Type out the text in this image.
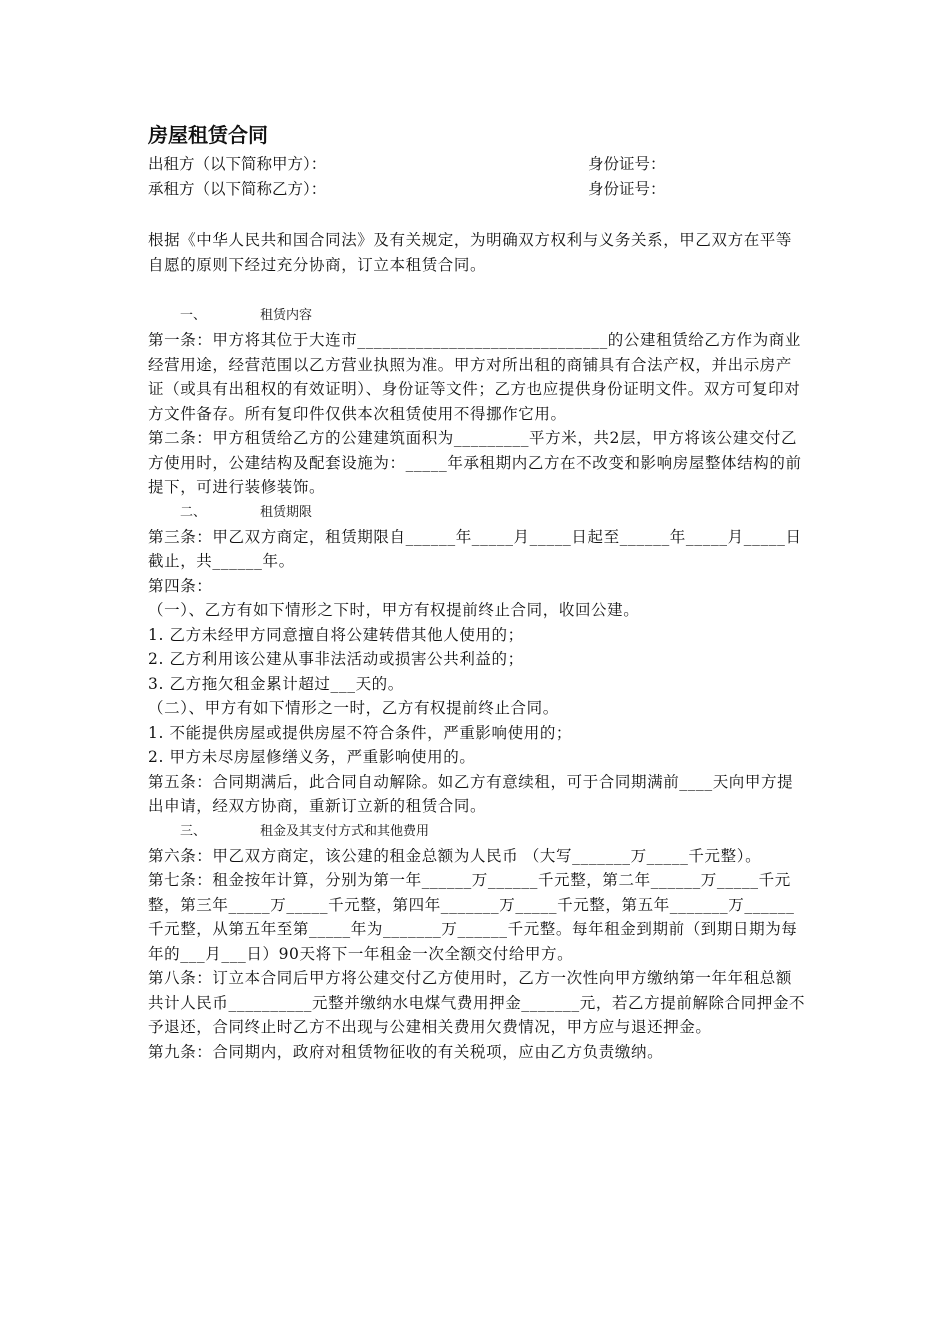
房屋租赁合同
出租方（以下简称甲方）：	身份证号：
承租方（以下简称乙方）：	身份证号：

根据《中华人民共和国合同法》及有关规定，为明确双方权利与义务关系，甲乙双方在平等自愿的原则下经过充分协商，订立本租赁合同。

一、	租赁内容

第一条：甲方将其位于大连市______________________________的公建租赁给乙方作为商业经营用途，经营范围以乙方营业执照为准。甲方对所出租的商铺具有合法产权，并出示房产证（或具有出租权的有效证明）、身份证等文件；乙方也应提供身份证明文件。双方可复印对方文件备存。所有复印件仅供本次租赁使用不得挪作它用。

第二条：甲方租赁给乙方的公建建筑面积为_________平方米，共2层，甲方将该公建交付乙方使用时，公建结构及配套设施为：_____年承租期内乙方在不改变和影响房屋整体结构的前提下，可进行装修装饰。

二、	租赁期限

第三条：甲乙双方商定，租赁期限自______年_____月_____日起至______年_____月_____日截止，共______年。

第四条：

（一）、乙方有如下情形之下时，甲方有权提前终止合同，收回公建。

1. 乙方未经甲方同意擅自将公建转借其他人使用的；

2. 乙方利用该公建从事非法活动或损害公共利益的；

3. 乙方拖欠租金累计超过___天的。

（二）、甲方有如下情形之一时，乙方有权提前终止合同。

1. 不能提供房屋或提供房屋不符合条件，严重影响使用的；

2. 甲方未尽房屋修缮义务，严重影响使用的。

第五条：合同期满后，此合同自动解除。如乙方有意续租，可于合同期满前____天向甲方提出申请，经双方协商，重新订立新的租赁合同。

三、	租金及其支付方式和其他费用

第六条：甲乙双方商定，该公建的租金总额为人民币 （大写_______万_____千元整）。

第七条：租金按年计算，分别为第一年______万______千元整，第二年______万_____千元整，第三年_____万_____千元整，第四年_______万_____千元整，第五年_______万______千元整，从第五年至第_____年为_______万______千元整。每年租金到期前（到期日期为每年的___月___日）90天将下一年租金一次全额交付给甲方。

第八条：订立本合同后甲方将公建交付乙方使用时，乙方一次性向甲方缴纳第一年年租总额共计人民币__________元整并缴纳水电煤气费用押金_______元，若乙方提前解除合同押金不予退还，合同终止时乙方不出现与公建相关费用欠费情况，甲方应与退还押金。

第九条：合同期内，政府对租赁物征收的有关税项，应由乙方负责缴纳。
